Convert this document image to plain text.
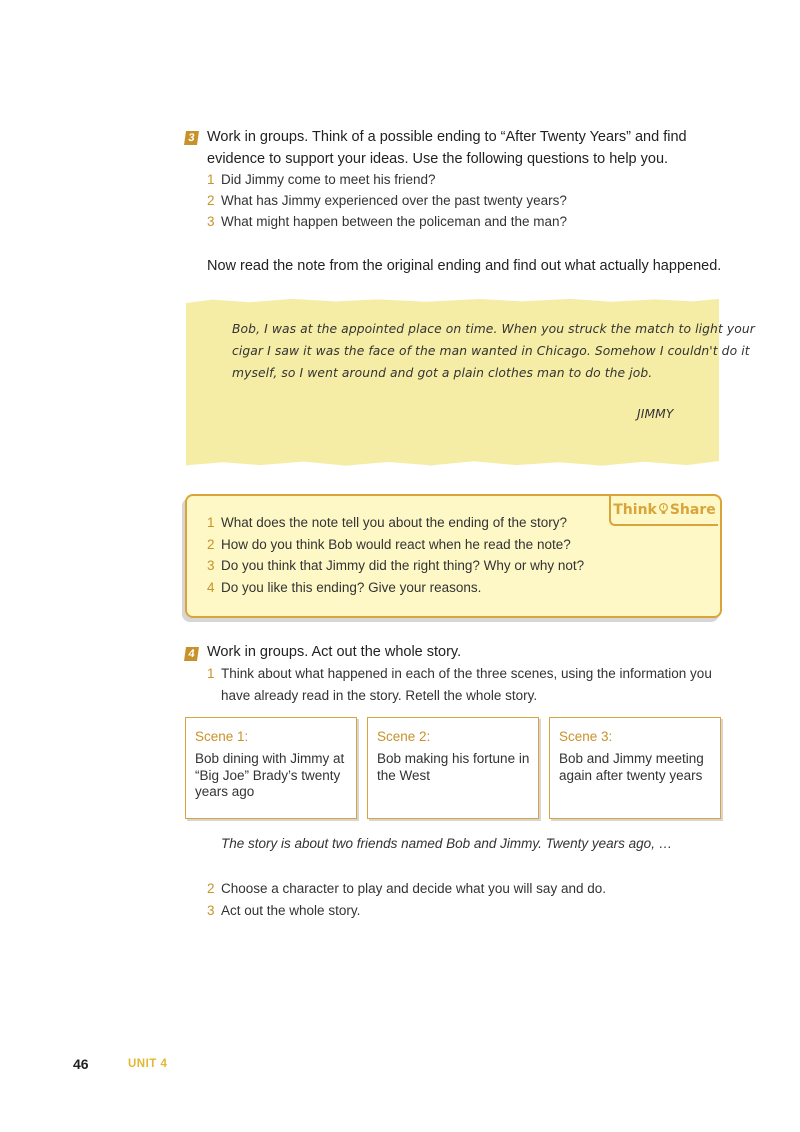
3 Work in groups. Think of a possible ending to “After Twenty Years” and find
evidence to support your ideas. Use the following questions to help you.
1 Did Jimmy come to meet his friend?
2 What has Jimmy experienced over the past twenty years?
3 What might happen between the policeman and the man?
Now read the note from the original ending and find out what actually happened.
Bob, I was at the appointed place on time. When you struck the match to light your
cigar I saw it was the face of the man wanted in Chicago. Somehow I couldn't do it
myself, so I went around and got a plain clothes man to do the job.
JIMMY
Think Share
1 What does the note tell you about the ending of the story?
2 How do you think Bob would react when he read the note?
3 Do you think that Jimmy did the right thing? Why or why not?
4 Do you like this ending? Give your reasons.
4 Work in groups. Act out the whole story.
1 Think about what happened in each of the three scenes, using the information you
have already read in the story. Retell the whole story.
Scene 1:
Bob dining with Jimmy at “Big Joe” Brady’s twenty years ago
Scene 2:
Bob making his fortune in the West
Scene 3:
Bob and Jimmy meeting again after twenty years
The story is about two friends named Bob and Jimmy. Twenty years ago, …
2 Choose a character to play and decide what you will say and do.
3 Act out the whole story.
46	UNIT 4
